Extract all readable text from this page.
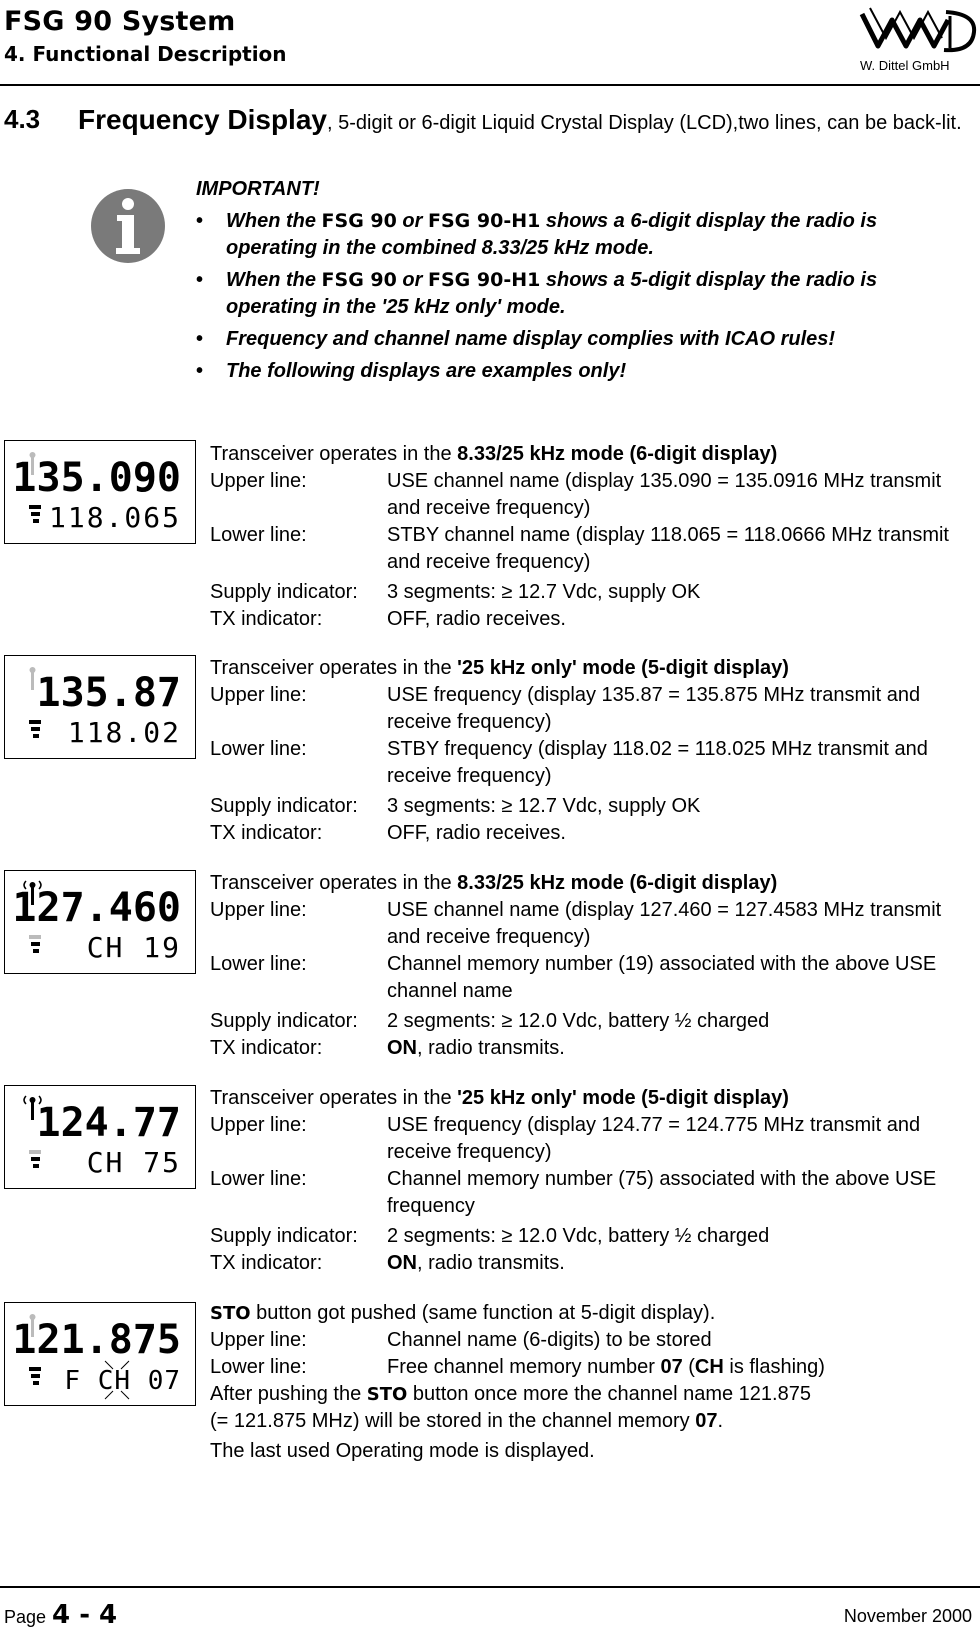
FSG 90 System
4. Functional Description	W. Dittel GmbH
4.3 Frequency Display, 5-digit or 6-digit Liquid Crystal Display (LCD),two lines, can be back-lit.
IMPORTANT!
• When the FSG 90 or FSG 90-H1 shows a 6-digit display the radio is operating in the combined 8.33/25 kHz mode.
• When the FSG 90 or FSG 90-H1 shows a 5-digit display the radio is operating in the '25 kHz only' mode.
• Frequency and channel name display complies with ICAO rules!
• The following displays are examples only!
135.090
118.065
135.87
118.02
127.460
CH 19
124.77
CH 75
121.875
F CH 07
Transceiver operates in the 8.33/25 kHz mode (6-digit display)
Upper line:	USE channel name (display 135.090 = 135.0916 MHz transmit and receive frequency)
Lower line:	STBY channel name (display 118.065 = 118.0666 MHz transmit and receive frequency)
Supply indicator:	3 segments: ≥ 12.7 Vdc, supply OK
TX indicator:	OFF, radio receives.
Transceiver operates in the '25 kHz only' mode (5-digit display)
Upper line:	USE frequency (display 135.87 = 135.875 MHz transmit and receive frequency)
Lower line:	STBY frequency (display 118.02 = 118.025 MHz transmit and receive frequency)
Supply indicator:	3 segments: ≥ 12.7 Vdc, supply OK
TX indicator:	OFF, radio receives.
Transceiver operates in the 8.33/25 kHz mode (6-digit display)
Upper line:	USE channel name (display 127.460 = 127.4583 MHz transmit and receive frequency)
Lower line:	Channel memory number (19) associated with the above USE channel name
Supply indicator:	2 segments: ≥ 12.0 Vdc, battery ½ charged
TX indicator:	ON, radio transmits.
Transceiver operates in the '25 kHz only' mode (5-digit display)
Upper line:	USE frequency (display 124.77 = 124.775 MHz transmit and receive frequency)
Lower line:	Channel memory number (75) associated with the above USE frequency
Supply indicator:	2 segments: ≥ 12.0 Vdc, battery ½ charged
TX indicator:	ON, radio transmits.
STO button got pushed (same function at 5-digit display).
Upper line:	Channel name (6-digits) to be stored
Lower line:	Free channel memory number 07 (CH is flashing)
After pushing the STO button once more the channel name 121.875
(= 121.875 MHz) will be stored in the channel memory 07.
The last used Operating mode is displayed.
Page 4 - 4	November 2000
